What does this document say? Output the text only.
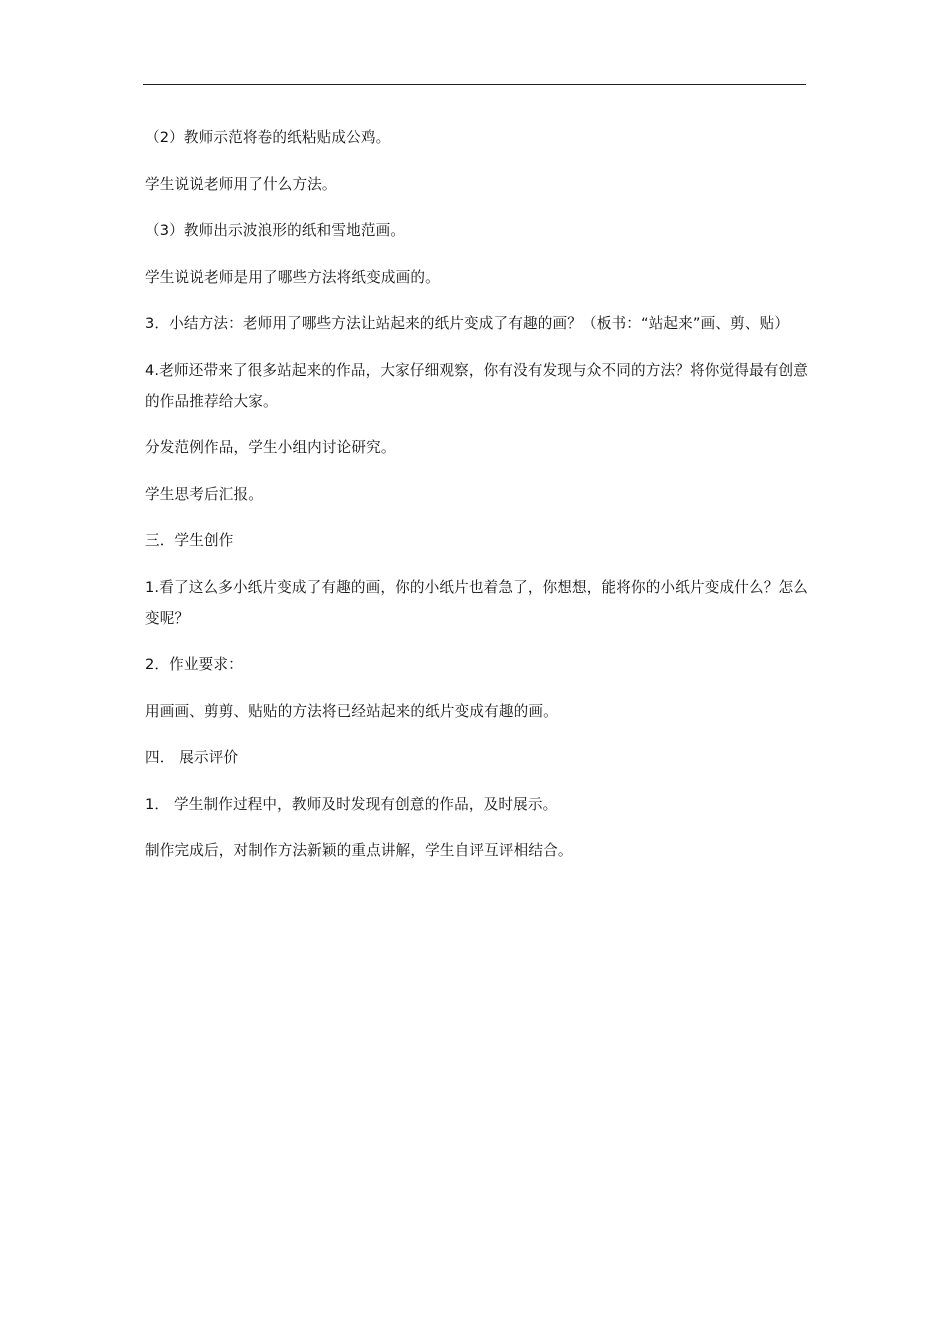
（2）教师示范将卷的纸粘贴成公鸡。

学生说说老师用了什么方法。

（3）教师出示波浪形的纸和雪地范画。

学生说说老师是用了哪些方法将纸变成画的。

3．小结方法：老师用了哪些方法让站起来的纸片变成了有趣的画？（板书：“站起来”画、剪、贴）

4.老师还带来了很多站起来的作品，大家仔细观察，你有没有发现与众不同的方法？将你觉得最有创意的作品推荐给大家。

分发范例作品，学生小组内讨论研究。

学生思考后汇报。

三．学生创作

1.看了这么多小纸片变成了有趣的画，你的小纸片也着急了，你想想，能将你的小纸片变成什么？怎么变呢？

2．作业要求：

用画画、剪剪、贴贴的方法将已经站起来的纸片变成有趣的画。

四． 展示评价

1． 学生制作过程中，教师及时发现有创意的作品，及时展示。

制作完成后，对制作方法新颖的重点讲解，学生自评互评相结合。
